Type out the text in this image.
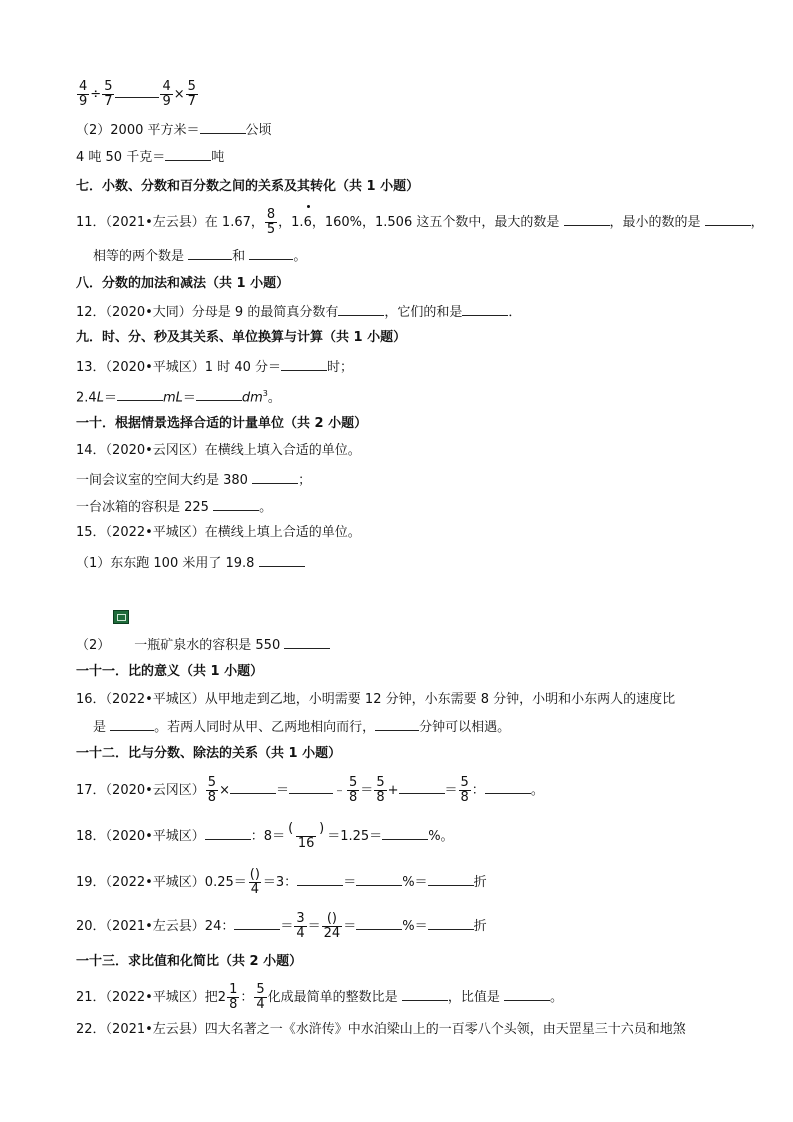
$\frac{4}{9} \div \frac{5}{7}$	$\frac{4}{9} \times \frac{5}{7}$
（2）2000 平方米＝	公顷
4 吨 50 千克＝	吨
七．小数、分数和百分数之间的关系及其转化（共 1 小题）
11．（2021•左云县）在 1.67， $\frac{8}{5}$ ，1.6，160%，1.506 这五个数中，最大的数是	，最小的数的是	，
相等的两个数是	和	。
八．分数的加法和减法（共 1 小题）
12．（2020•大同）分母是 9 的最简真分数有	，它们的和是	．
九．时、分、秒及其关系、单位换算与计算（共 1 小题）
13．（2020•平城区）1 时 40 分＝	时；
2.4L＝	mL＝	$dm^3$。
一十．根据情景选择合适的计量单位（共 2 小题）
14．（2020•云冈区）在横线上填入合适的单位。
一间会议室的空间大约是 380	；
一台冰箱的容积是 225	。
15．（2022•平城区）在横线上填上合适的单位。
（1）东东跑 100 米用了 19.8
（2） 一瓶矿泉水的容积是 550
一十一．比的意义（共 1 小题）
16．（2022•平城区）从甲地走到乙地，小明需要 12 分钟，小东需要 8 分钟，小明和小东两人的速度比
是	。若两人同时从甲、乙两地相向而行，	分钟可以相遇。
一十二．比与分数、除法的关系（共 1 小题）
17．（2020•云冈区） $\frac{5}{8}$ ×	＝	﹣ $\frac{5}{8} = \frac{5}{8}$ +	＝ $\frac{5}{8}$ ：	。
18．（2020•平城区）	：8＝
(　　)
16 ＝1.25＝	%。
19．（2022•平城区）0.25＝
()
4 ＝3：	＝	%＝	折
20．（2021•左云县）24：	＝ $\frac{3}{4}$ ＝
()
24 ＝	%＝	折
一十三．求比值和化简比（共 2 小题）
21．（2022•平城区）把 2 1
8 ： $\frac{5}{4}$ 化成最简单的整数比是	，比值是	。
22．（2021•左云县）四大名著之一《水浒传》中水泊梁山上的一百零八个头领，由天罡星三十六员和地煞
